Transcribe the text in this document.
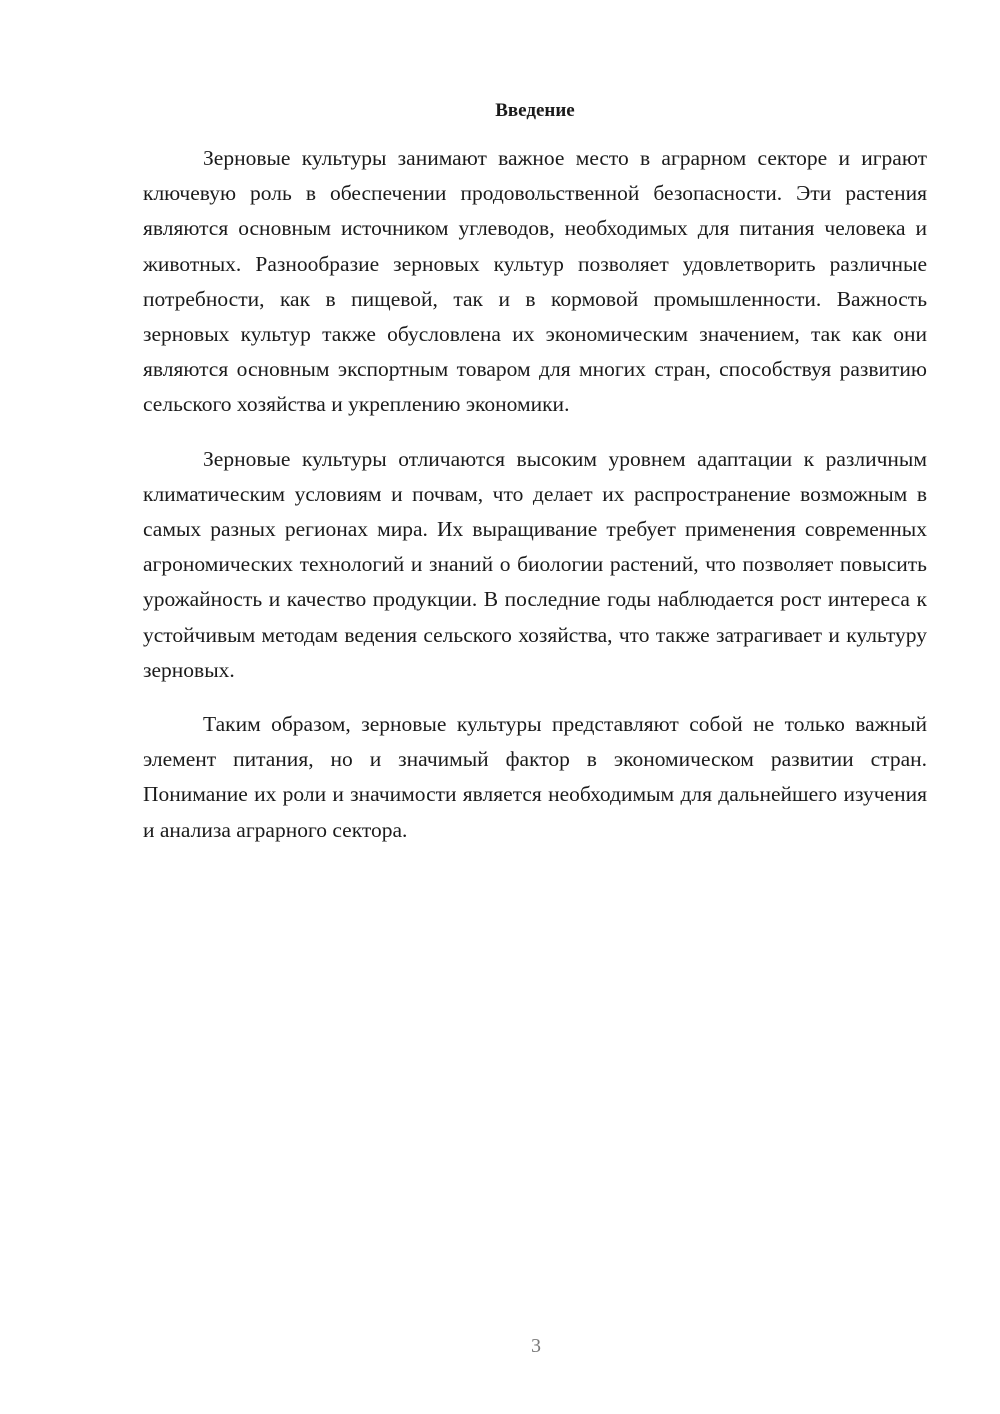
Введение

Зерновые культуры занимают важное место в аграрном секторе и играют ключевую роль в обеспечении продовольственной безопасности. Эти растения являются основным источником углеводов, необходимых для питания человека и животных. Разнообразие зерновых культур позволяет удовлетворить различные потребности, как в пищевой, так и в кормовой промышленности. Важность зерновых культур также обусловлена их экономическим значением, так как они являются основным экспортным товаром для многих стран, способствуя развитию сельского хозяйства и укреплению экономики.

Зерновые культуры отличаются высоким уровнем адаптации к различным климатическим условиям и почвам, что делает их распространение возможным в самых разных регионах мира. Их выращивание требует применения современных агрономических технологий и знаний о биологии растений, что позволяет повысить урожайность и качество продукции. В последние годы наблюдается рост интереса к устойчивым методам ведения сельского хозяйства, что также затрагивает и культуру зерновых.

Таким образом, зерновые культуры представляют собой не только важный элемент питания, но и значимый фактор в экономическом развитии стран. Понимание их роли и значимости является необходимым для дальнейшего изучения и анализа аграрного сектора.

3
